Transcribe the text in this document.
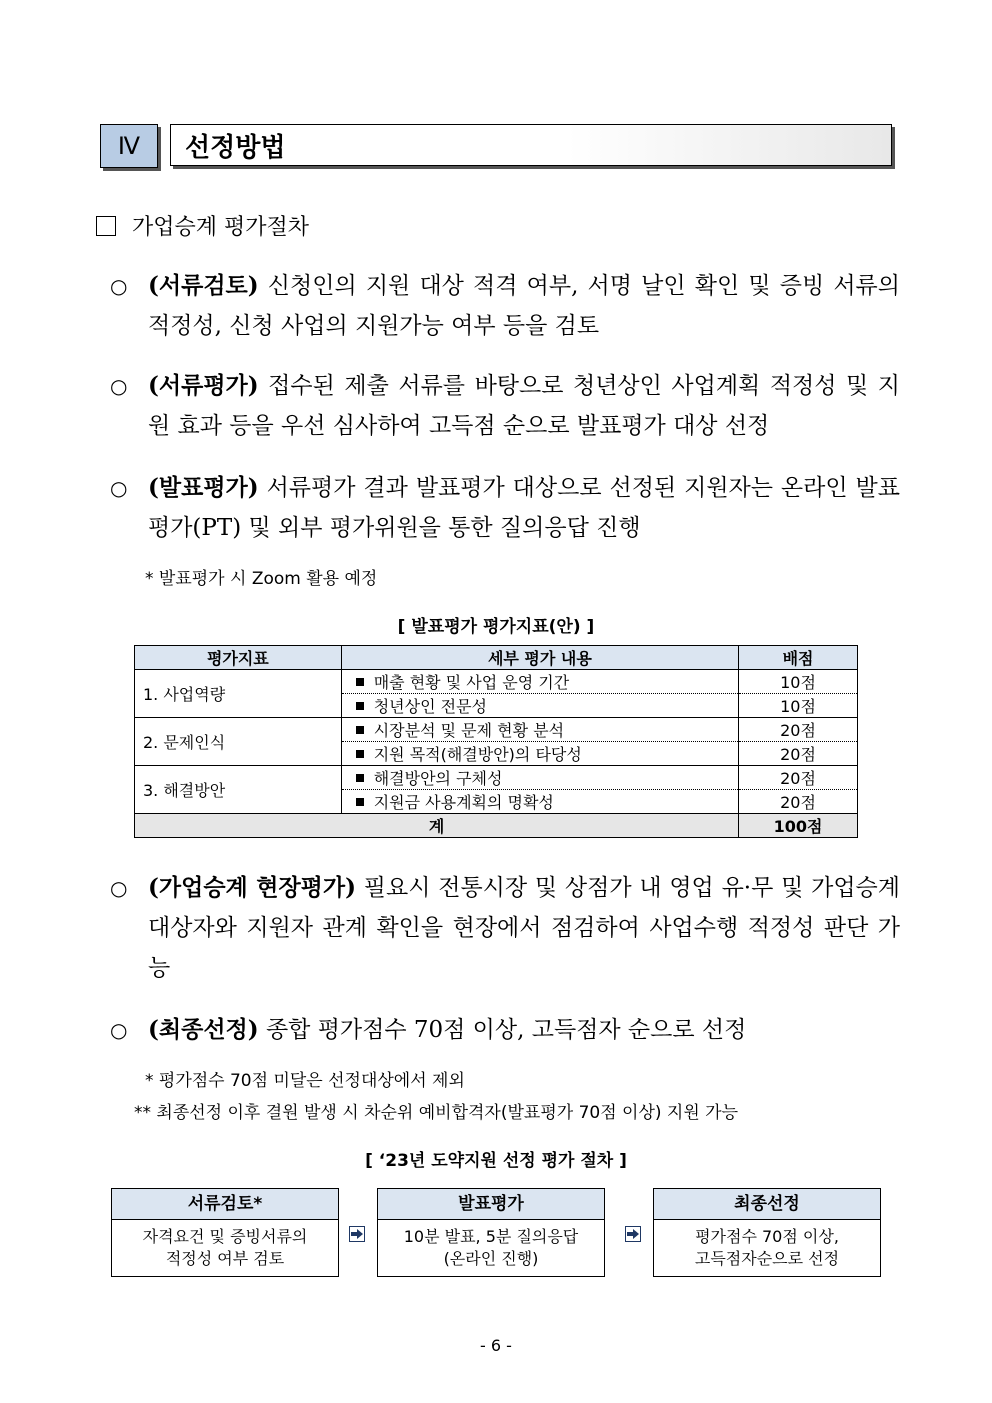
Ⅳ	선정방법
가업승계 평가절차
○ (서류검토) 신청인의 지원 대상 적격 여부, 서명 날인 확인 및 증빙 서류의 적정성, 신청 사업의 지원가능 여부 등을 검토
○ (서류평가) 접수된 제출 서류를 바탕으로 청년상인 사업계획 적정성 및 지원 효과 등을 우선 심사하여 고득점 순으로 발표평가 대상 선정
○ (발표평가) 서류평가 결과 발표평가 대상으로 선정된 지원자는 온라인 발표평가(PT) 및 외부 평가위원을 통한 질의응답 진행
* 발표평가 시 Zoom 활용 예정
[ 발표평가 평가지표(안) ]
평가지표	세부 평가 내용	배점
1. 사업역량	매출 현황 및 사업 운영 기간	10점
	청년상인 전문성	10점
2. 문제인식	시장분석 및 문제 현황 분석	20점
	지원 목적(해결방안)의 타당성	20점
3. 해결방안	해결방안의 구체성	20점
	지원금 사용계획의 명확성	20점
계		100점
○ (가업승계 현장평가) 필요시 전통시장 및 상점가 내 영업 유·무 및 가업승계 대상자와 지원자 관계 확인을 현장에서 점검하여 사업수행 적정성 판단 가능
○ (최종선정) 종합 평가점수 70점 이상, 고득점자 순으로 선정
* 평가점수 70점 미달은 선정대상에서 제외
** 최종선정 이후 결원 발생 시 차순위 예비합격자(발표평가 70점 이상) 지원 가능
[ ‘23년 도약지원 선정 평가 절차 ]
서류검토*
자격요건 및 증빙서류의
적정성 여부 검토
발표평가
10분 발표, 5분 질의응답
(온라인 진행)
최종선정
평가점수 70점 이상,
고득점자순으로 선정
- 6 -
